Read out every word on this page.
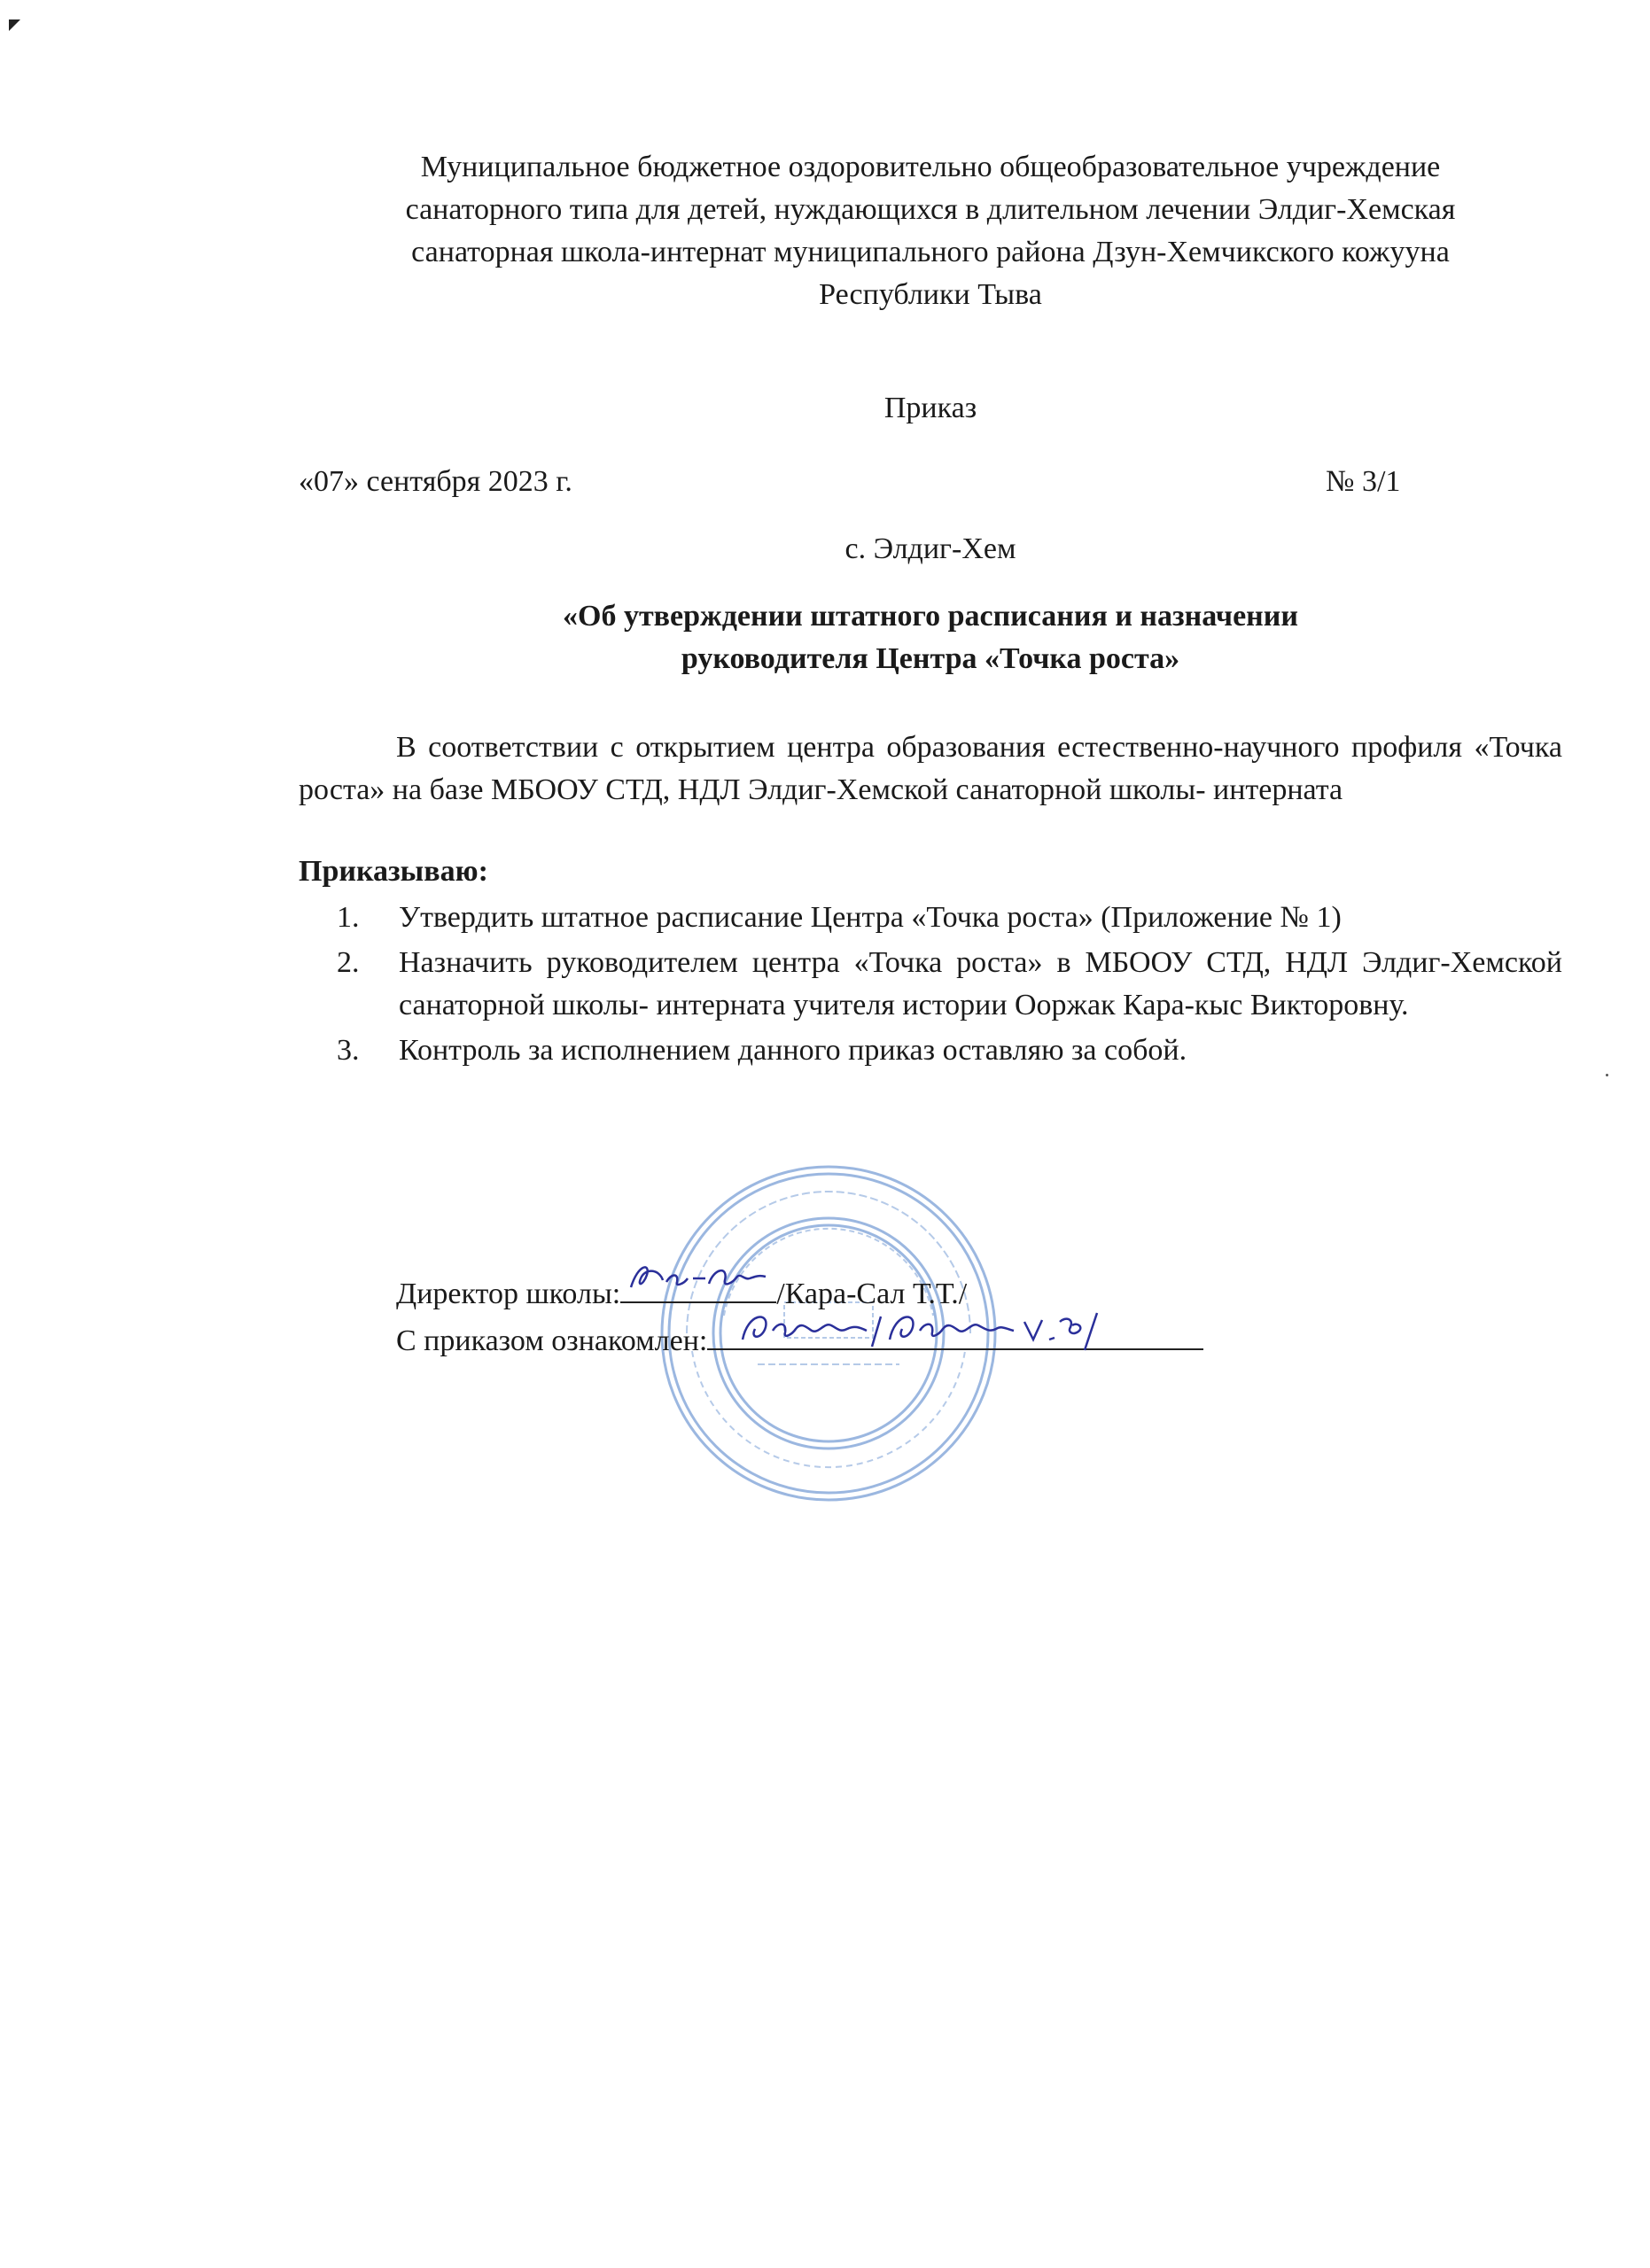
Муниципальное бюджетное оздоровительно общеобразовательное учреждение
санаторного типа для детей, нуждающихся в длительном лечении Элдиг-Хемская
санаторная школа-интернат муниципального района Дзун-Хемчикского кожууна
Республики Тыва
Приказ
«07» сентября 2023 г.	№ 3/1
с. Элдиг-Хем
«Об утверждении штатного расписания и назначении
руководителя Центра «Точка роста»
В соответствии с открытием центра образования естественно-научного профиля «Точка роста» на базе МБООУ СТД, НДЛ Элдиг-Хемской санаторной школы- интерната
Приказываю:
1.	Утвердить штатное расписание Центра «Точка роста» (Приложение № 1)
2.	Назначить руководителем центра «Точка роста» в МБООУ СТД, НДЛ Элдиг-Хемской санаторной школы- интерната учителя истории Ооржак Кара-кыс Викторовну.
3.	Контроль за исполнением данного приказ оставляю за собой.
Директор школы:	/Кара-Сал Т.Т./
С приказом ознакомлен:
